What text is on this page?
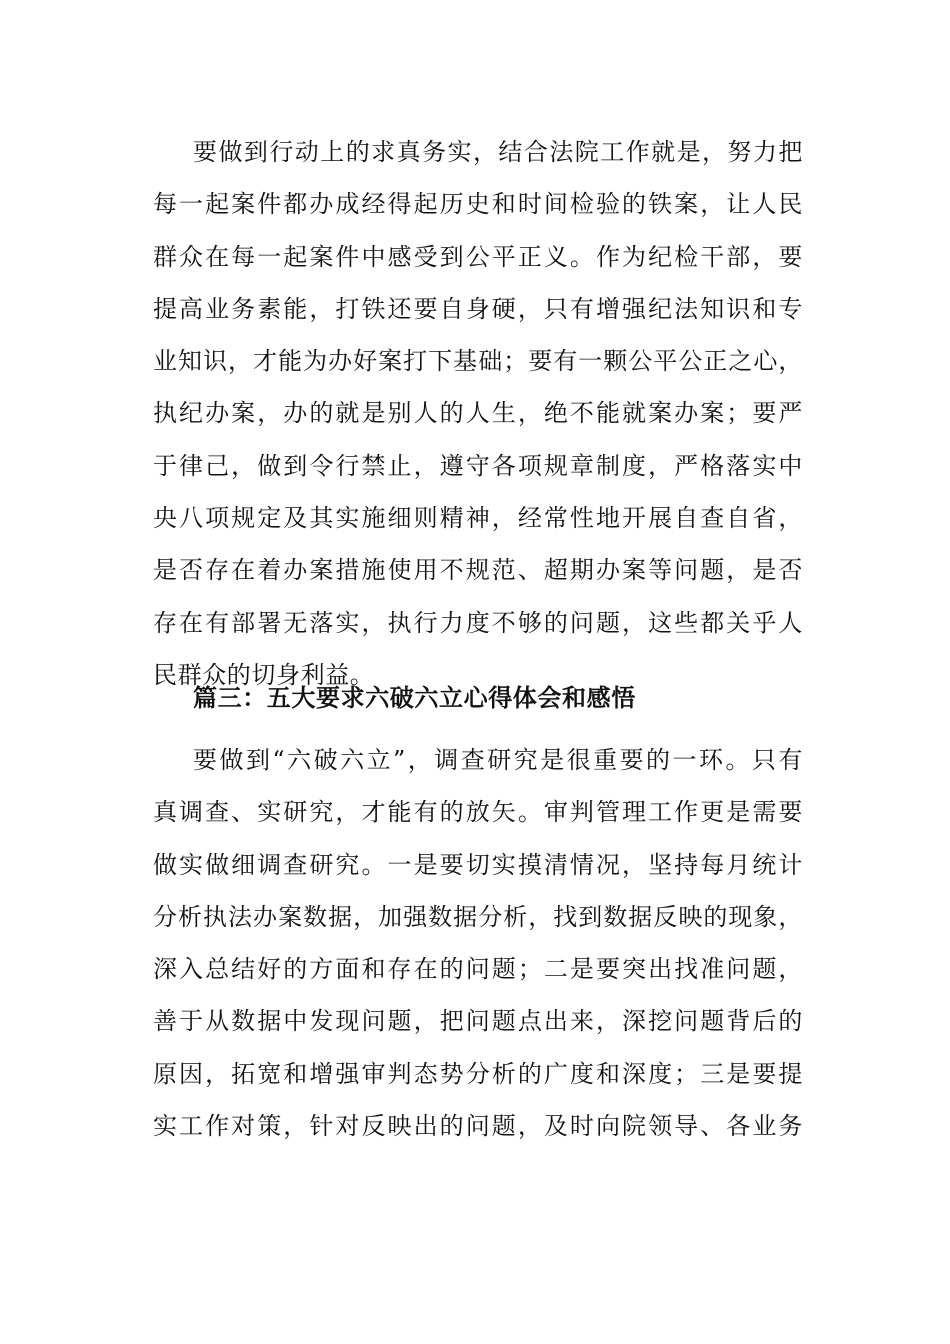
要做到行动上的求真务实，结合法院工作就是，努力把
每一起案件都办成经得起历史和时间检验的铁案，让人民
群众在每一起案件中感受到公平正义。作为纪检干部，要
提高业务素能，打铁还要自身硬，只有增强纪法知识和专
业知识，才能为办好案打下基础；要有一颗公平公正之心，
执纪办案，办的就是别人的人生，绝不能就案办案；要严
于律己，做到令行禁止，遵守各项规章制度，严格落实中
央八项规定及其实施细则精神，经常性地开展自查自省，
是否存在着办案措施使用不规范、超期办案等问题，是否
存在有部署无落实，执行力度不够的问题，这些都关乎人
民群众的切身利益。
篇三：五大要求六破六立心得体会和感悟
要做到“六破六立”，调查研究是很重要的一环。只有
真调查、实研究，才能有的放矢。审判管理工作更是需要
做实做细调查研究。一是要切实摸清情况，坚持每月统计
分析执法办案数据，加强数据分析，找到数据反映的现象，
深入总结好的方面和存在的问题；二是要突出找准问题，
善于从数据中发现问题，把问题点出来，深挖问题背后的
原因，拓宽和增强审判态势分析的广度和深度；三是要提
实工作对策，针对反映出的问题，及时向院领导、各业务
